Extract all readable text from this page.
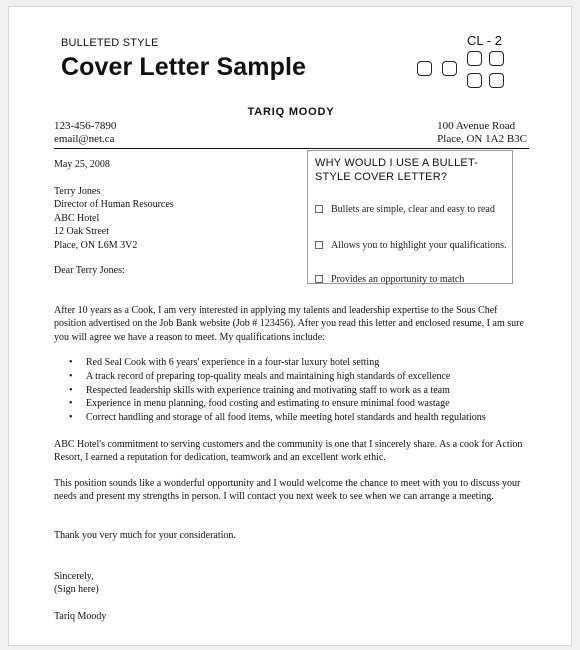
BULLETED STYLE
Cover Letter Sample
CL - 2
TARIQ MOODY
123-456-7890
email@net.ca
100 Avenue Road
Place, ON 1A2 B3C
May 25, 2008
Terry Jones
Director of Human Resources
ABC Hotel
12 Oak Street
Place, ON L6M 3V2
Dear Terry Jones:
WHY WOULD I USE A BULLET-STYLE COVER LETTER?
Bullets are simple, clear and easy to read
Allows you to highlight your qualifications.
Provides an opportunity to match
After 10 years as a Cook, I am very interested in applying my talents and leadership expertise to the Sous Chef position advertised on the Job Bank website (Job # 123456). After you read this letter and enclosed resume, I am sure you will agree we have a reason to meet. My qualifications include:
• Red Seal Cook with 6 years' experience in a four-star luxury hotel setting
• A track record of preparing top-quality meals and maintaining high standards of excellence
• Respected leadership skills with experience training and motivating staff to work as a team
• Experience in menu planning, food costing and estimating to ensure minimal food wastage
• Correct handling and storage of all food items, while meeting hotel standards and health regulations
ABC Hotel's commitment to serving customers and the community is one that I sincerely share. As a cook for Action Resort, I earned a reputation for dedication, teamwork and an excellent work ethic.
This position sounds like a wonderful opportunity and I would welcome the chance to meet with you to discuss your needs and present my strengths in person. I will contact you next week to see when we can arrange a meeting.
Thank you very much for your consideration.
Sincerely,
(Sign here)
Tariq Moody
